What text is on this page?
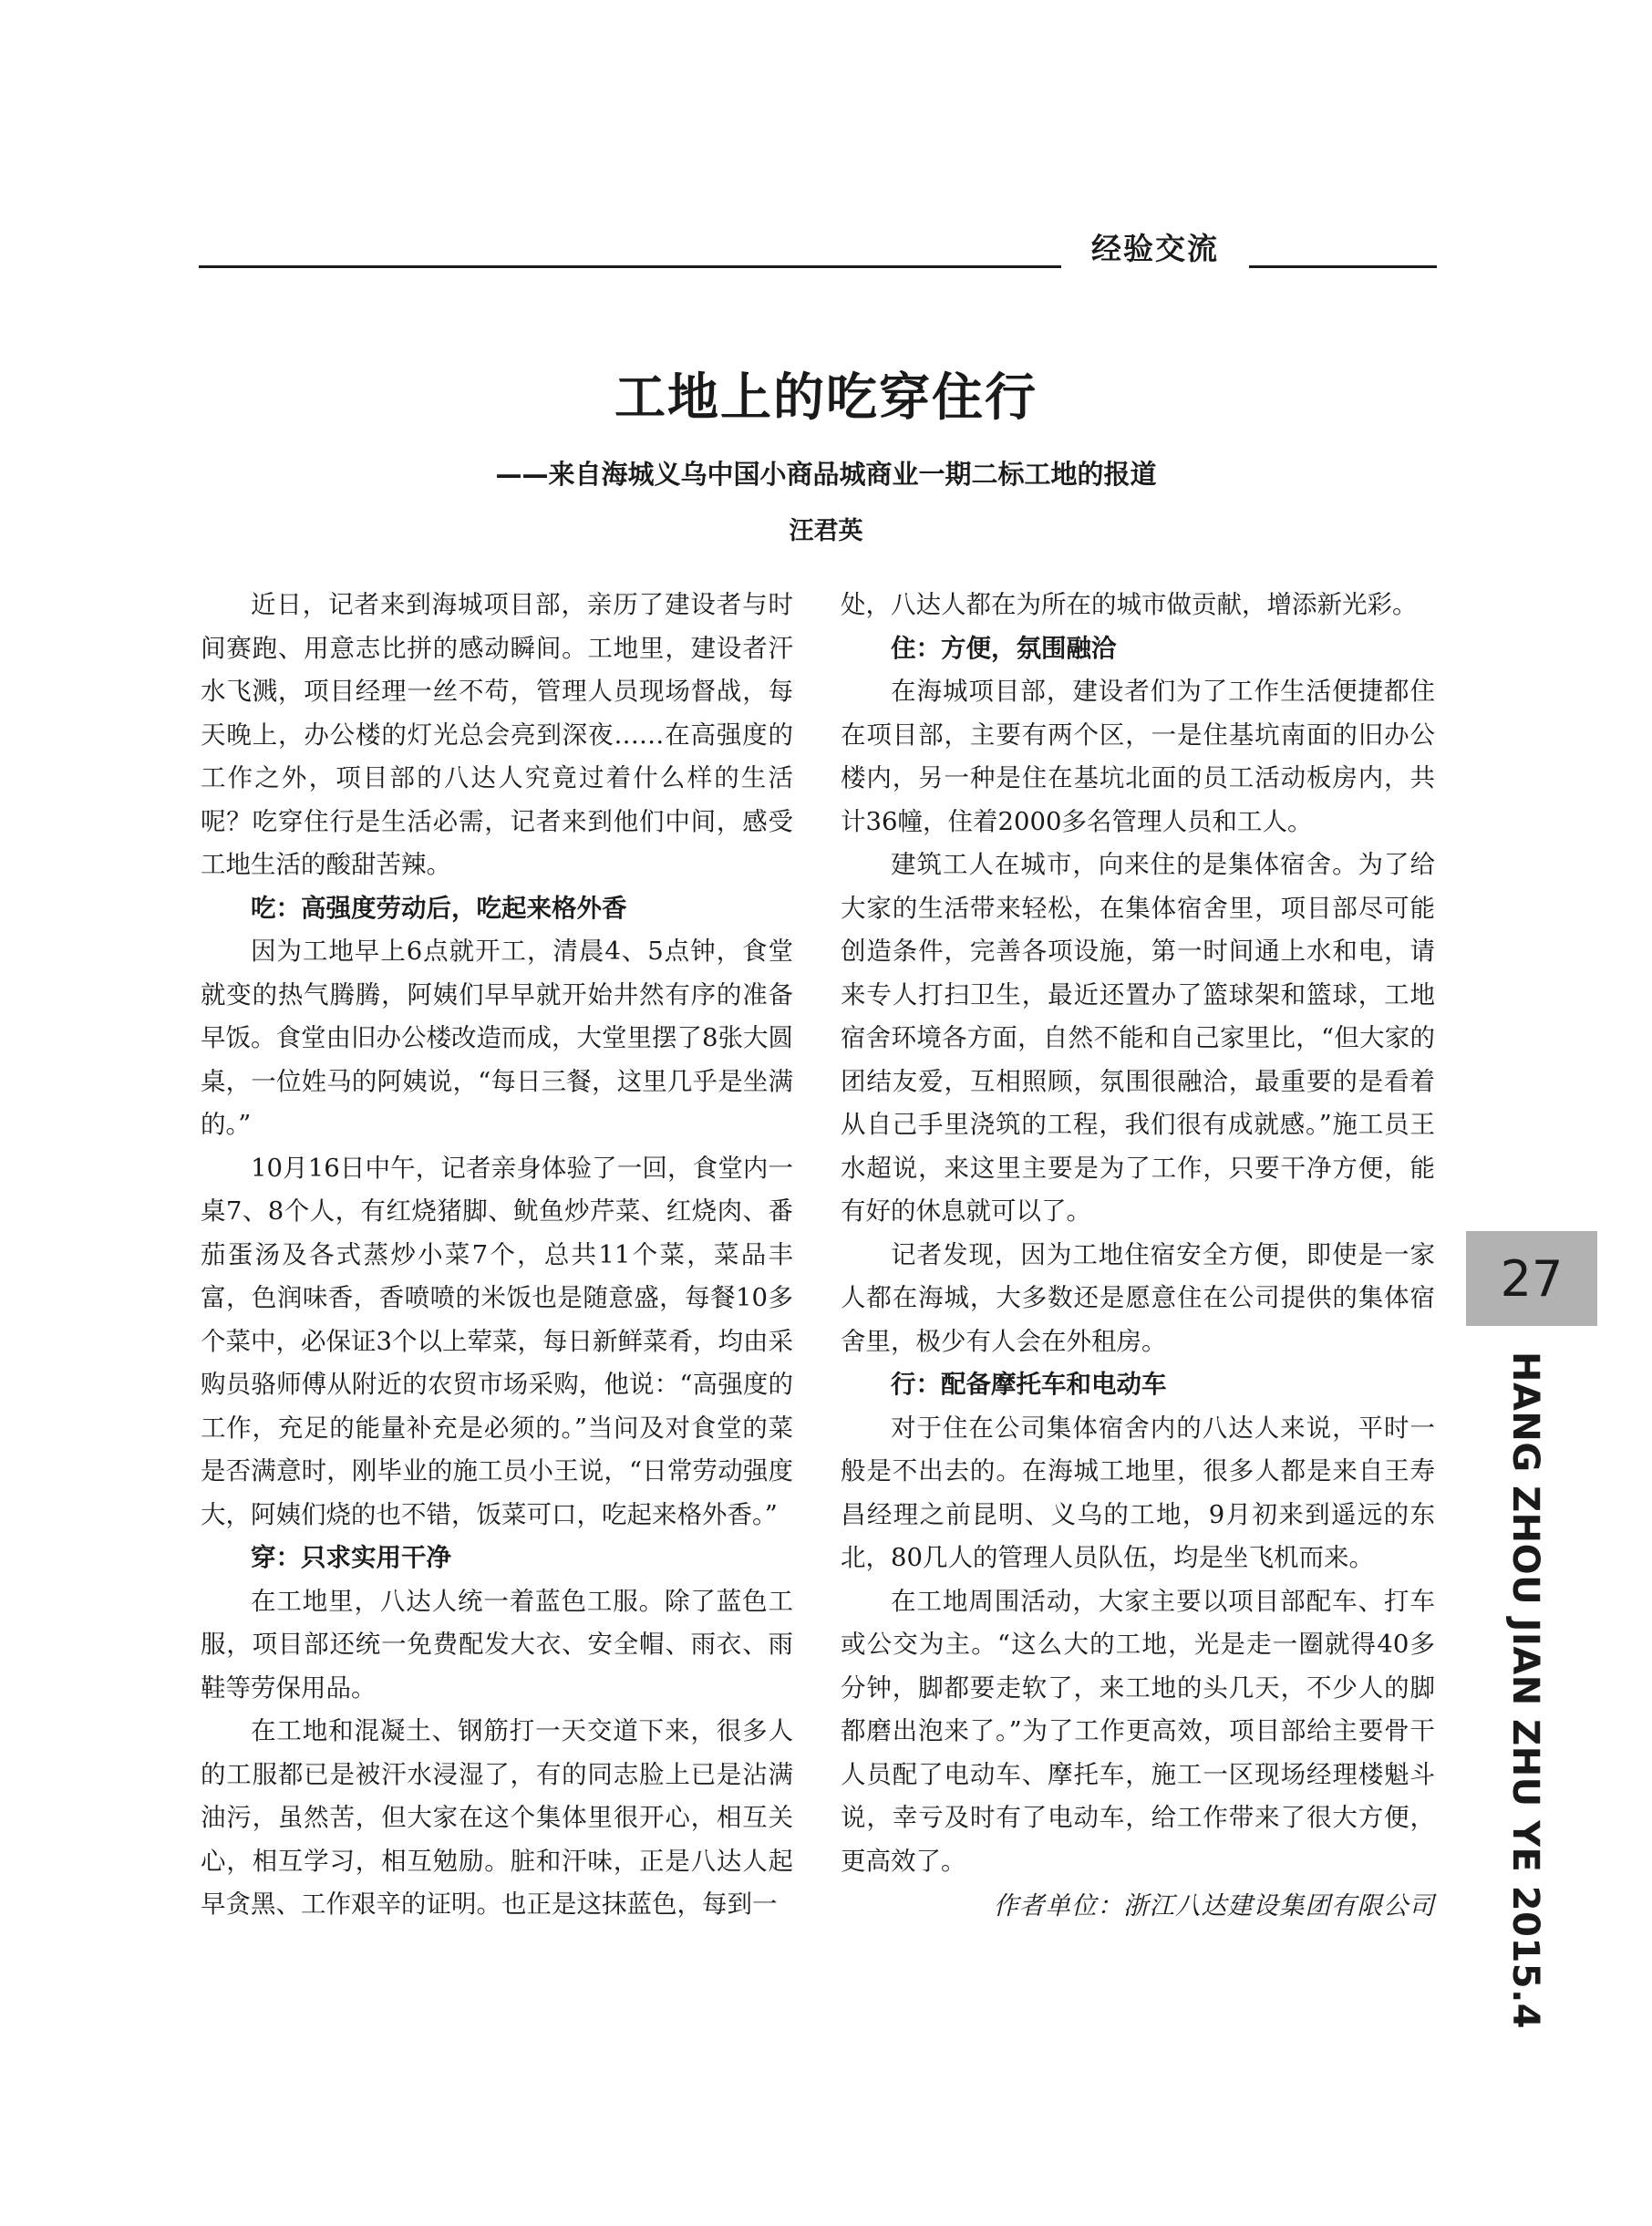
经验交流
工地上的吃穿住行
——来自海城义乌中国小商品城商业一期二标工地的报道
汪君英

近日，记者来到海城项目部，亲历了建设者与时间赛跑、用意志比拼的感动瞬间。工地里，建设者汗水飞溅，项目经理一丝不苟，管理人员现场督战，每天晚上，办公楼的灯光总会亮到深夜……在高强度的工作之外，项目部的八达人究竟过着什么样的生活呢？吃穿住行是生活必需，记者来到他们中间，感受工地生活的酸甜苦辣。

吃：高强度劳动后，吃起来格外香

因为工地早上6点就开工，清晨4、5点钟，食堂就变的热气腾腾，阿姨们早早就开始井然有序的准备早饭。食堂由旧办公楼改造而成，大堂里摆了8张大圆桌，一位姓马的阿姨说，“每日三餐，这里几乎是坐满的。”

10月16日中午，记者亲身体验了一回，食堂内一桌7、8个人，有红烧猪脚、鱿鱼炒芹菜、红烧肉、番茄蛋汤及各式蒸炒小菜7个，总共11个菜，菜品丰富，色润味香，香喷喷的米饭也是随意盛，每餐10多个菜中，必保证3个以上荤菜，每日新鲜菜肴，均由采购员骆师傅从附近的农贸市场采购，他说：“高强度的工作，充足的能量补充是必须的。”当问及对食堂的菜是否满意时，刚毕业的施工员小王说，“日常劳动强度大，阿姨们烧的也不错，饭菜可口，吃起来格外香。”

穿：只求实用干净

在工地里，八达人统一着蓝色工服。除了蓝色工服，项目部还统一免费配发大衣、安全帽、雨衣、雨鞋等劳保用品。

在工地和混凝土、钢筋打一天交道下来，很多人的工服都已是被汗水浸湿了，有的同志脸上已是沾满油污，虽然苦，但大家在这个集体里很开心，相互关心，相互学习，相互勉励。脏和汗味，正是八达人起早贪黑、工作艰辛的证明。也正是这抹蓝色，每到一

处，八达人都在为所在的城市做贡献，增添新光彩。

住：方便，氛围融洽

在海城项目部，建设者们为了工作生活便捷都住在项目部，主要有两个区，一是住基坑南面的旧办公楼内，另一种是住在基坑北面的员工活动板房内，共计36幢，住着2000多名管理人员和工人。

建筑工人在城市，向来住的是集体宿舍。为了给大家的生活带来轻松，在集体宿舍里，项目部尽可能创造条件，完善各项设施，第一时间通上水和电，请来专人打扫卫生，最近还置办了篮球架和篮球，工地宿舍环境各方面，自然不能和自己家里比，“但大家的团结友爱，互相照顾，氛围很融洽，最重要的是看着从自己手里浇筑的工程，我们很有成就感。”施工员王水超说，来这里主要是为了工作，只要干净方便，能有好的休息就可以了。

记者发现，因为工地住宿安全方便，即使是一家人都在海城，大多数还是愿意住在公司提供的集体宿舍里，极少有人会在外租房。

行：配备摩托车和电动车

对于住在公司集体宿舍内的八达人来说，平时一般是不出去的。在海城工地里，很多人都是来自王寿昌经理之前昆明、义乌的工地，9月初来到遥远的东北，80几人的管理人员队伍，均是坐飞机而来。

在工地周围活动，大家主要以项目部配车、打车或公交为主。“这么大的工地，光是走一圈就得40多分钟，脚都要走软了，来工地的头几天，不少人的脚都磨出泡来了。”为了工作更高效，项目部给主要骨干人员配了电动车、摩托车，施工一区现场经理楼魁斗说，幸亏及时有了电动车，给工作带来了很大方便，更高效了。

作者单位：浙江八达建设集团有限公司
27
HANG ZHOU JIAN ZHU YE 2015.4
